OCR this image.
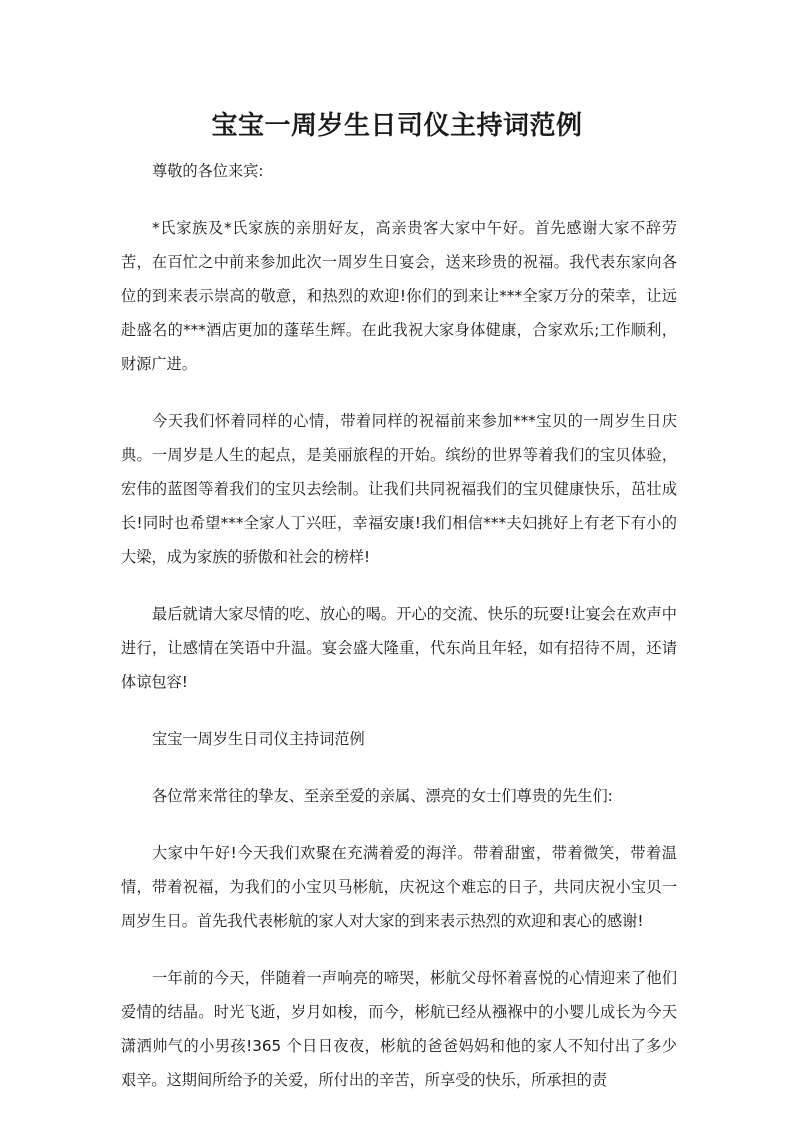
宝宝一周岁生日司仪主持词范例

尊敬的各位来宾:

*氏家族及*氏家族的亲朋好友，高亲贵客大家中午好。首先感谢大家不辞劳苦，在百忙之中前来参加此次一周岁生日宴会，送来珍贵的祝福。我代表东家向各位的到来表示崇高的敬意，和热烈的欢迎!你们的到来让***全家万分的荣幸，让远赴盛名的***酒店更加的蓬荜生辉。在此我祝大家身体健康，合家欢乐;工作顺利，财源广进。

今天我们怀着同样的心情，带着同样的祝福前来参加***宝贝的一周岁生日庆典。一周岁是人生的起点，是美丽旅程的开始。缤纷的世界等着我们的宝贝体验，宏伟的蓝图等着我们的宝贝去绘制。让我们共同祝福我们的宝贝健康快乐，茁壮成长!同时也希望***全家人丁兴旺，幸福安康!我们相信***夫妇挑好上有老下有小的大梁，成为家族的骄傲和社会的榜样!

最后就请大家尽情的吃、放心的喝。开心的交流、快乐的玩耍!让宴会在欢声中进行，让感情在笑语中升温。宴会盛大隆重，代东尚且年轻，如有招待不周，还请体谅包容!

宝宝一周岁生日司仪主持词范例

各位常来常往的挚友、至亲至爱的亲属、漂亮的女士们尊贵的先生们:

大家中午好!今天我们欢聚在充满着爱的海洋。带着甜蜜，带着微笑，带着温情，带着祝福，为我们的小宝贝马彬航，庆祝这个难忘的日子，共同庆祝小宝贝一周岁生日。首先我代表彬航的家人对大家的到来表示热烈的欢迎和衷心的感谢!

一年前的今天，伴随着一声响亮的啼哭，彬航父母怀着喜悦的心情迎来了他们爱情的结晶。时光飞逝，岁月如梭，而今，彬航已经从襁褓中的小婴儿成长为今天潇洒帅气的小男孩!365 个日日夜夜，彬航的爸爸妈妈和他的家人不知付出了多少艰辛。这期间所给予的关爱，所付出的辛苦，所享受的快乐，所承担的责
